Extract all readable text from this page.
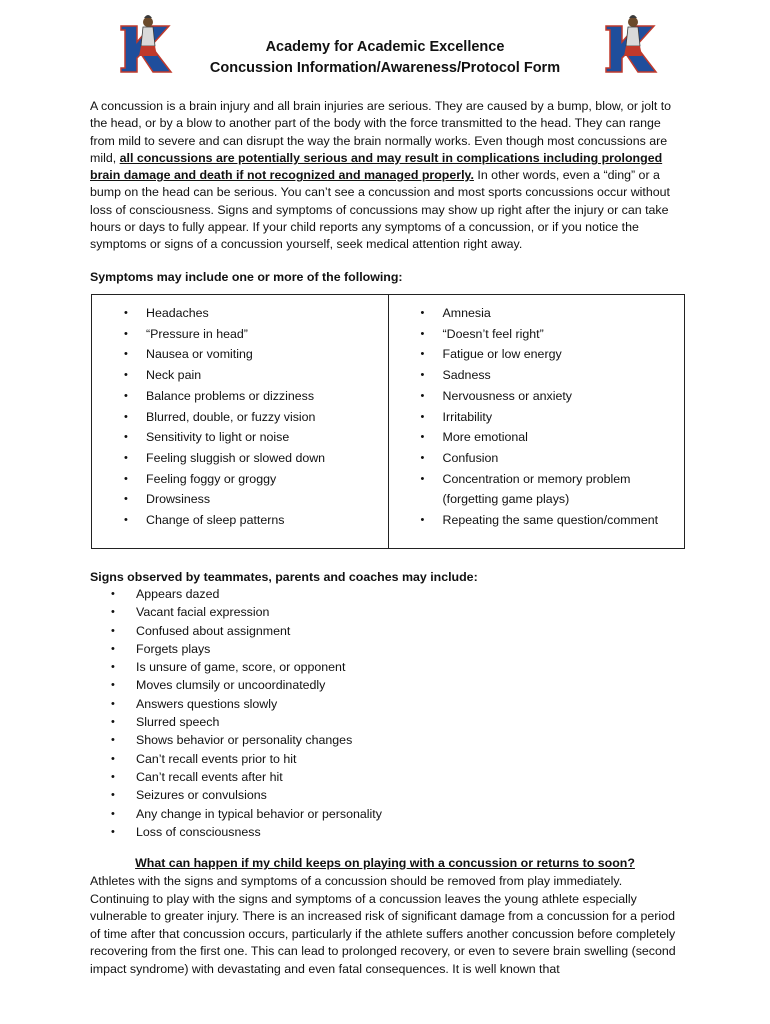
Academy for Academic Excellence
Concussion Information/Awareness/Protocol Form
A concussion is a brain injury and all brain injuries are serious. They are caused by a bump, blow, or jolt to the head, or by a blow to another part of the body with the force transmitted to the head. They can range from mild to severe and can disrupt the way the brain normally works. Even though most concussions are mild, all concussions are potentially serious and may result in complications including prolonged brain damage and death if not recognized and managed properly. In other words, even a “ding” or a bump on the head can be serious. You can’t see a concussion and most sports concussions occur without loss of consciousness. Signs and symptoms of concussions may show up right after the injury or can take hours or days to fully appear. If your child reports any symptoms of a concussion, or if you notice the symptoms or signs of a concussion yourself, seek medical attention right away.
Symptoms may include one or more of the following:
• Headaches
• “Pressure in head”
• Nausea or vomiting
• Neck pain
• Balance problems or dizziness
• Blurred, double, or fuzzy vision
• Sensitivity to light or noise
• Feeling sluggish or slowed down
• Feeling foggy or groggy
• Drowsiness
• Change of sleep patterns
• Amnesia
• “Doesn’t feel right”
• Fatigue or low energy
• Sadness
• Nervousness or anxiety
• Irritability
• More emotional
• Confusion
• Concentration or memory problem (forgetting game plays)
• Repeating the same question/comment
Signs observed by teammates, parents and coaches may include:
• Appears dazed
• Vacant facial expression
• Confused about assignment
• Forgets plays
• Is unsure of game, score, or opponent
• Moves clumsily or uncoordinatedly
• Answers questions slowly
• Slurred speech
• Shows behavior or personality changes
• Can’t recall events prior to hit
• Can’t recall events after hit
• Seizures or convulsions
• Any change in typical behavior or personality
• Loss of consciousness
What can happen if my child keeps on playing with a concussion or returns to soon?
Athletes with the signs and symptoms of a concussion should be removed from play immediately. Continuing to play with the signs and symptoms of a concussion leaves the young athlete especially vulnerable to greater injury. There is an increased risk of significant damage from a concussion for a period of time after that concussion occurs, particularly if the athlete suffers another concussion before completely recovering from the first one. This can lead to prolonged recovery, or even to severe brain swelling (second impact syndrome) with devastating and even fatal consequences. It is well known that
